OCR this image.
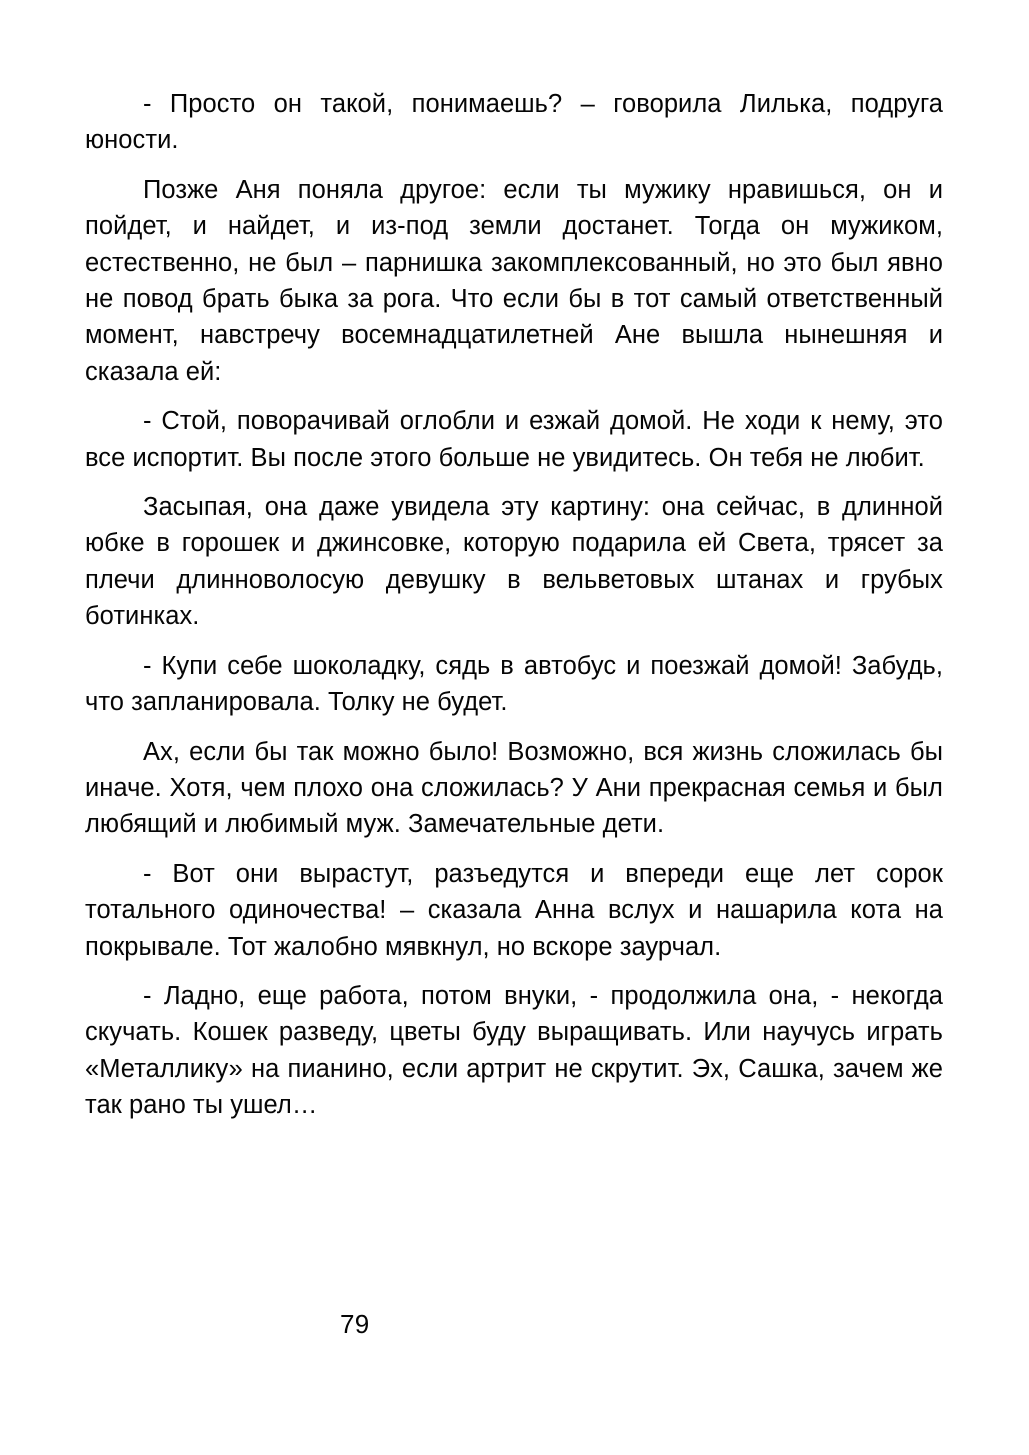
- Просто он такой, понимаешь? – говорила Лилька, подруга юности.

Позже Аня поняла другое: если ты мужику нравишься, он и пойдет, и найдет, и из-под земли достанет. Тогда он мужиком, естественно, не был – парнишка закомплексованный, но это был явно не повод брать быка за рога. Что если бы в тот самый ответственный момент, навстречу восемнадцатилетней Ане вышла нынешняя и сказала ей:

- Стой, поворачивай оглобли и езжай домой. Не ходи к нему, это все испортит. Вы после этого больше не увидитесь. Он тебя не любит.

Засыпая, она даже увидела эту картину: она сейчас, в длинной юбке в горошек и джинсовке, которую подарила ей Света, трясет за плечи длинноволосую девушку в вельветовых штанах и грубых ботинках.

- Купи себе шоколадку, сядь в автобус и поезжай домой! Забудь, что запланировала. Толку не будет.

Ах, если бы так можно было! Возможно, вся жизнь сложилась бы иначе. Хотя, чем плохо она сложилась? У Ани прекрасная семья и был любящий и любимый муж. Замечательные дети.

- Вот они вырастут, разъедутся и впереди еще лет сорок тотального одиночества! – сказала Анна вслух и нашарила кота на покрывале. Тот жалобно мявкнул, но вскоре заурчал.

- Ладно, еще работа, потом внуки, - продолжила она, - некогда скучать. Кошек разведу, цветы буду выращивать. Или научусь играть «Металлику» на пианино, если артрит не скрутит. Эх, Сашка, зачем же так рано ты ушел…

79
